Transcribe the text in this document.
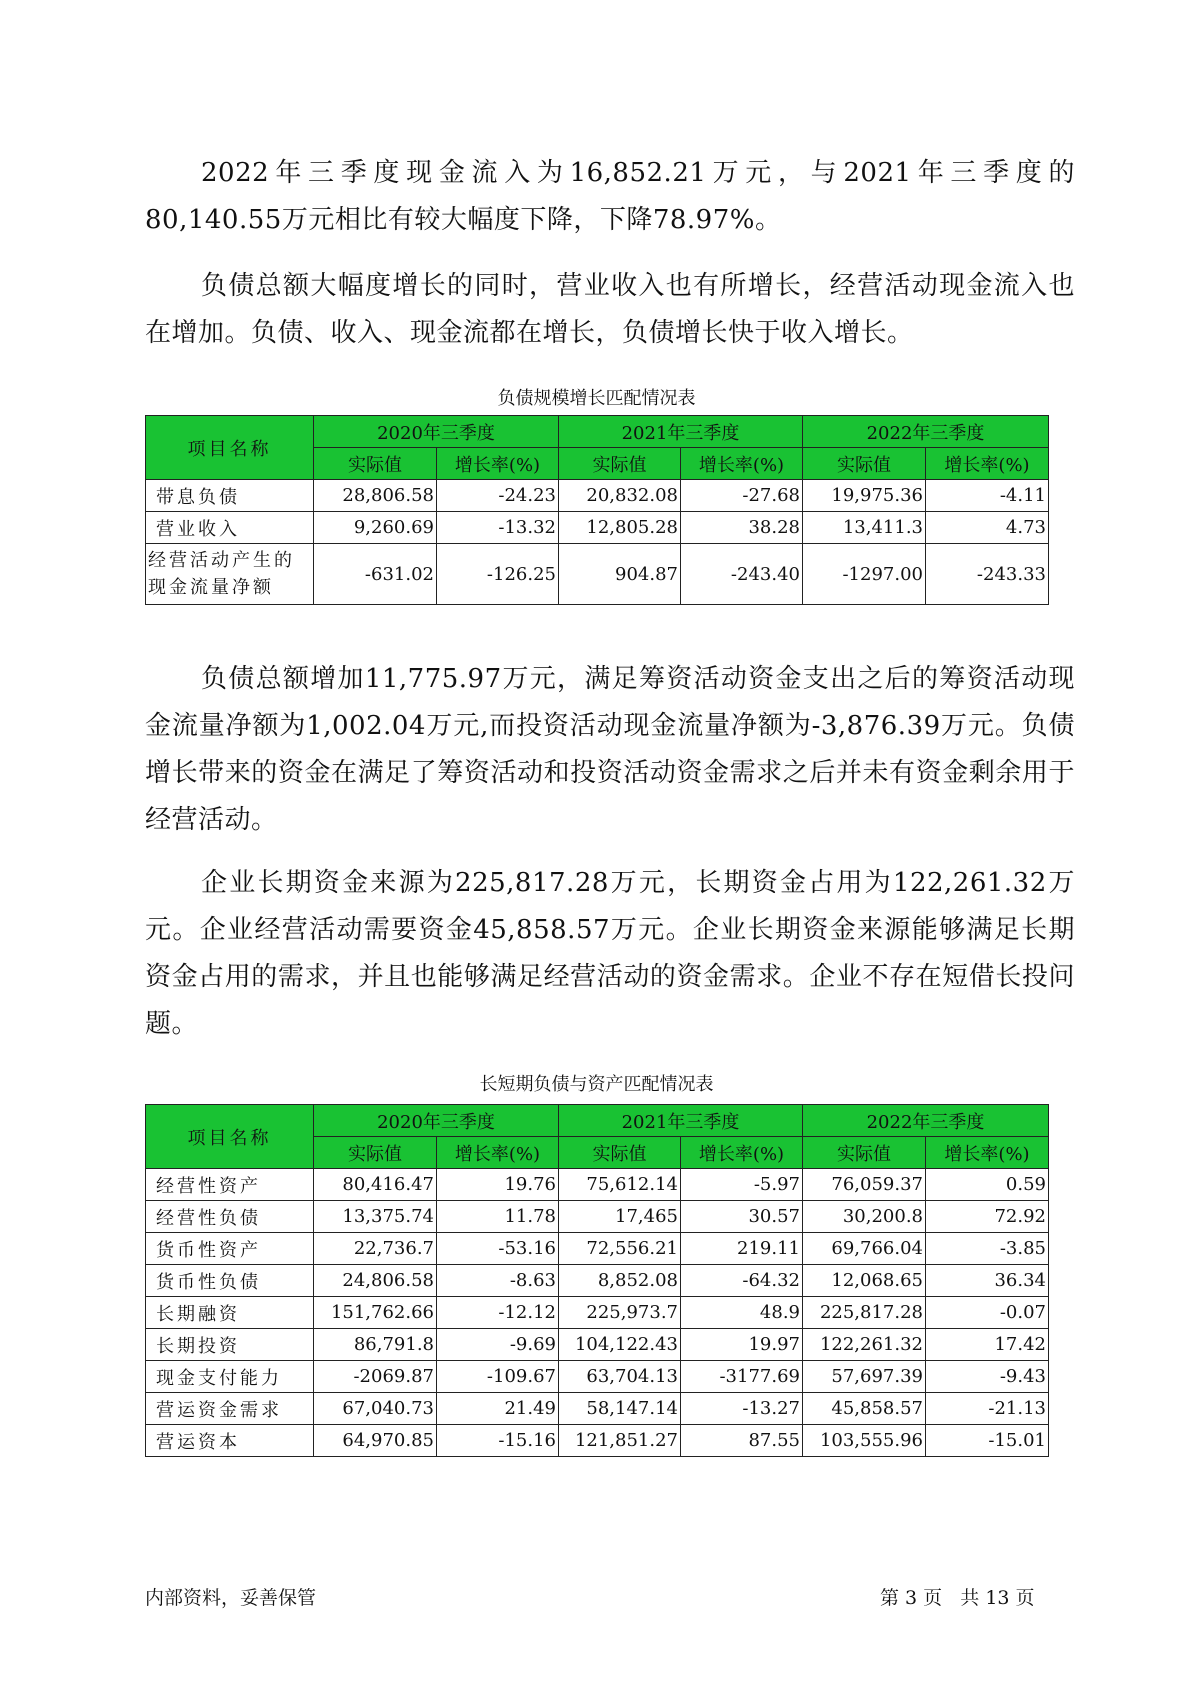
2022年三季度现金流入为16,852.21万元，与2021年三季度的80,140.55万元相比有较大幅度下降，下降78.97%。

负债总额大幅度增长的同时，营业收入也有所增长，经营活动现金流入也在增加。负债、收入、现金流都在增长，负债增长快于收入增长。

负债规模增长匹配情况表
项目名称	2020年三季度		2021年三季度		2022年三季度	
	实际值	增长率(%)	实际值	增长率(%)	实际值	增长率(%)
带息负债	28,806.58	-24.23	20,832.08	-27.68	19,975.36	-4.11
营业收入	9,260.69	-13.32	12,805.28	38.28	13,411.3	4.73
经营活动产生的现金流量净额	-631.02	-126.25	904.87	-243.40	-1297.00	-243.33

负债总额增加11,775.97万元，满足筹资活动资金支出之后的筹资活动现金流量净额为1,002.04万元,而投资活动现金流量净额为-3,876.39万元。负债增长带来的资金在满足了筹资活动和投资活动资金需求之后并未有资金剩余用于经营活动。

企业长期资金来源为225,817.28万元，长期资金占用为122,261.32万元。企业经营活动需要资金45,858.57万元。企业长期资金来源能够满足长期资金占用的需求，并且也能够满足经营活动的资金需求。企业不存在短借长投问题。

长短期负债与资产匹配情况表
项目名称	2020年三季度		2021年三季度		2022年三季度	
	实际值	增长率(%)	实际值	增长率(%)	实际值	增长率(%)
经营性资产	80,416.47	19.76	75,612.14	-5.97	76,059.37	0.59
经营性负债	13,375.74	11.78	17,465	30.57	30,200.8	72.92
货币性资产	22,736.7	-53.16	72,556.21	219.11	69,766.04	-3.85
货币性负债	24,806.58	-8.63	8,852.08	-64.32	12,068.65	36.34
长期融资	151,762.66	-12.12	225,973.7	48.9	225,817.28	-0.07
长期投资	86,791.8	-9.69	104,122.43	19.97	122,261.32	17.42
现金支付能力	-2069.87	-109.67	63,704.13	-3177.69	57,697.39	-9.43
营运资金需求	67,040.73	21.49	58,147.14	-13.27	45,858.57	-21.13
营运资本	64,970.85	-15.16	121,851.27	87.55	103,555.96	-15.01
内部资料，妥善保管	第 3 页   共 13 页
